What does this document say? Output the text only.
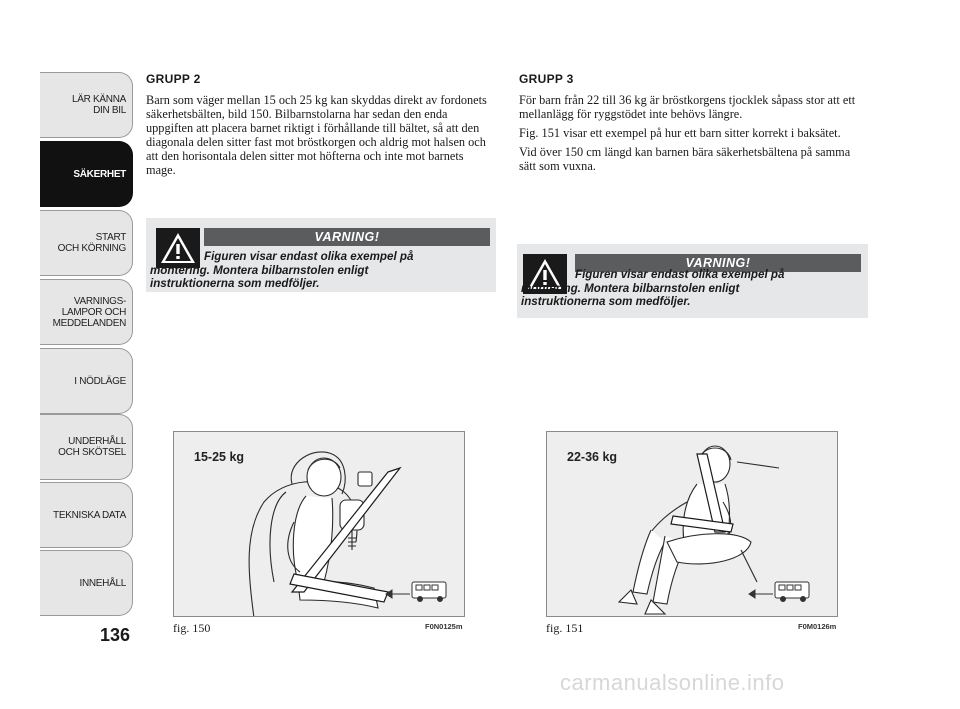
LÄR KÄNNA
DIN BIL
SÄKERHET
START
OCH KÖRNING
VARNINGS-
LAMPOR OCH
MEDDELANDEN
I NÖDLÄGE
UNDERHÅLL
OCH SKÖTSEL
TEKNISKA DATA
INNEHÅLL
136
GRUPP 2

Barn som väger mellan 15 och 25 kg kan skyddas direkt av fordonets säkerhetsbälten, bild 150. Bilbarnstolarna har sedan den enda uppgiften att placera barnet riktigt i förhållande till bältet, så att den diagonala delen sitter fast mot bröstkorgen och aldrig mot halsen och att den horisontala delen sitter mot höfterna och inte mot barnets mage.

GRUPP 3

För barn från 22 till 36 kg är bröstkorgens tjocklek såpass stor att ett mellanlägg för ryggstödet inte behövs längre.

Fig. 151 visar ett exempel på hur ett barn sitter korrekt i baksätet.

Vid över 150 cm längd kan barnen bära säkerhetsbältena på samma sätt som vuxna.

VARNING!
Figuren visar endast olika exempel på
montering. Montera bilbarnstolen enligt
instruktionerna som medföljer.
VARNING!
Figuren visar endast olika exempel på
montering. Montera bilbarnstolen enligt
instruktionerna som medföljer.
15-25 kg
fig. 150	F0N0125m
22-36 kg
fig. 151	F0M0126m
carmanualsonline.info
